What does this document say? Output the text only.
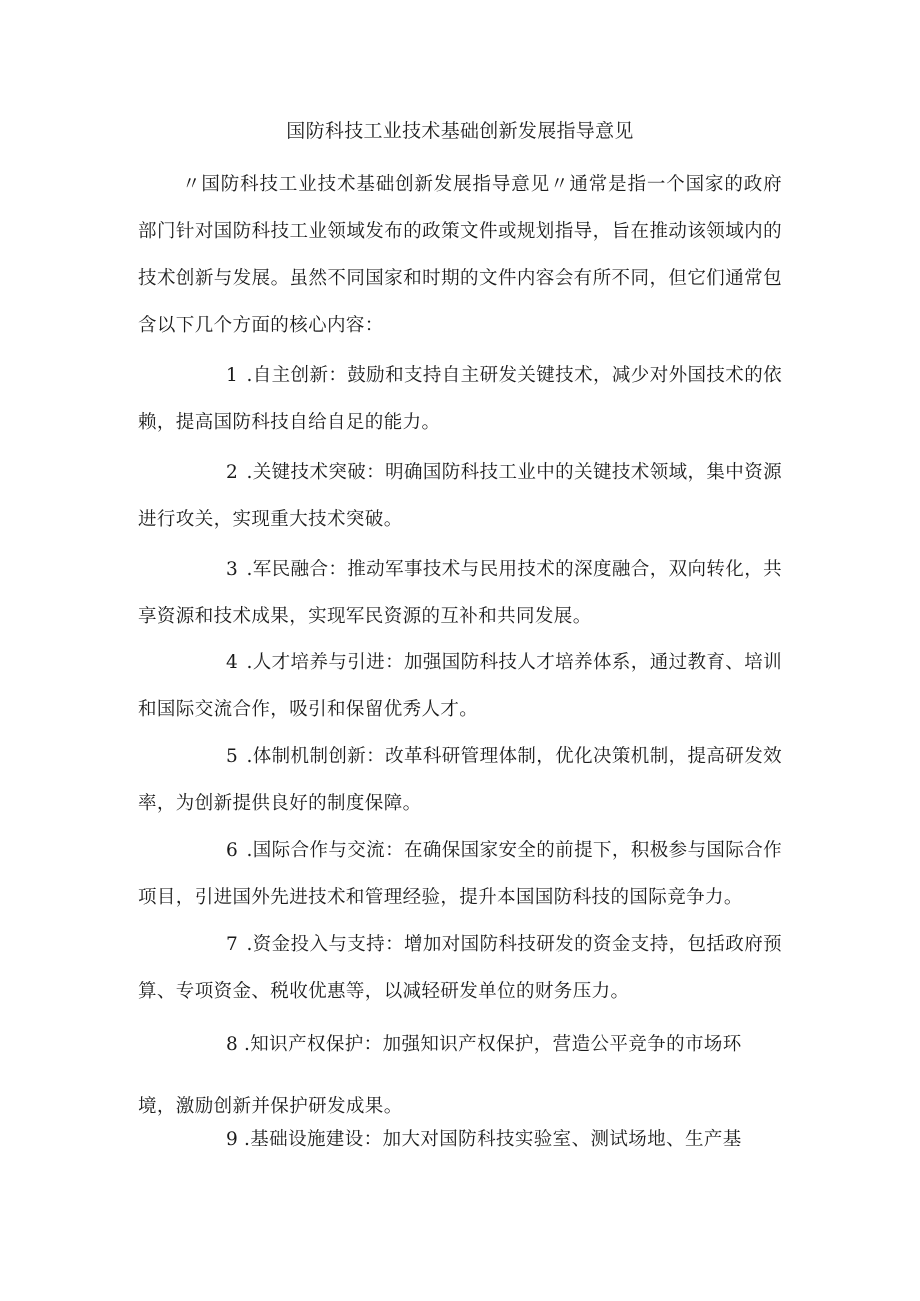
国防科技工业技术基础创新发展指导意见

〃国防科技工业技术基础创新发展指导意见〃通常是指一个国家的政府部门针对国防科技工业领域发布的政策文件或规划指导，旨在推动该领域内的技术创新与发展。虽然不同国家和时期的文件内容会有所不同，但它们通常包含以下几个方面的核心内容：

1 .自主创新：鼓励和支持自主研发关键技术，减少对外国技术的依赖，提高国防科技自给自足的能力。

2 .关键技术突破：明确国防科技工业中的关键技术领域，集中资源进行攻关，实现重大技术突破。

3 .军民融合：推动军事技术与民用技术的深度融合，双向转化，共享资源和技术成果，实现军民资源的互补和共同发展。

4 .人才培养与引进：加强国防科技人才培养体系，通过教育、培训和国际交流合作，吸引和保留优秀人才。

5 .体制机制创新：改革科研管理体制，优化决策机制，提高研发效率，为创新提供良好的制度保障。

6 .国际合作与交流：在确保国家安全的前提下，积极参与国际合作项目，引进国外先进技术和管理经验，提升本国国防科技的国际竞争力。

7 .资金投入与支持：增加对国防科技研发的资金支持，包括政府预算、专项资金、税收优惠等，以减轻研发单位的财务压力。

8 .知识产权保护：加强知识产权保护，营造公平竞争的市场环

境，激励创新并保护研发成果。

9 .基础设施建设：加大对国防科技实验室、测试场地、生产基
